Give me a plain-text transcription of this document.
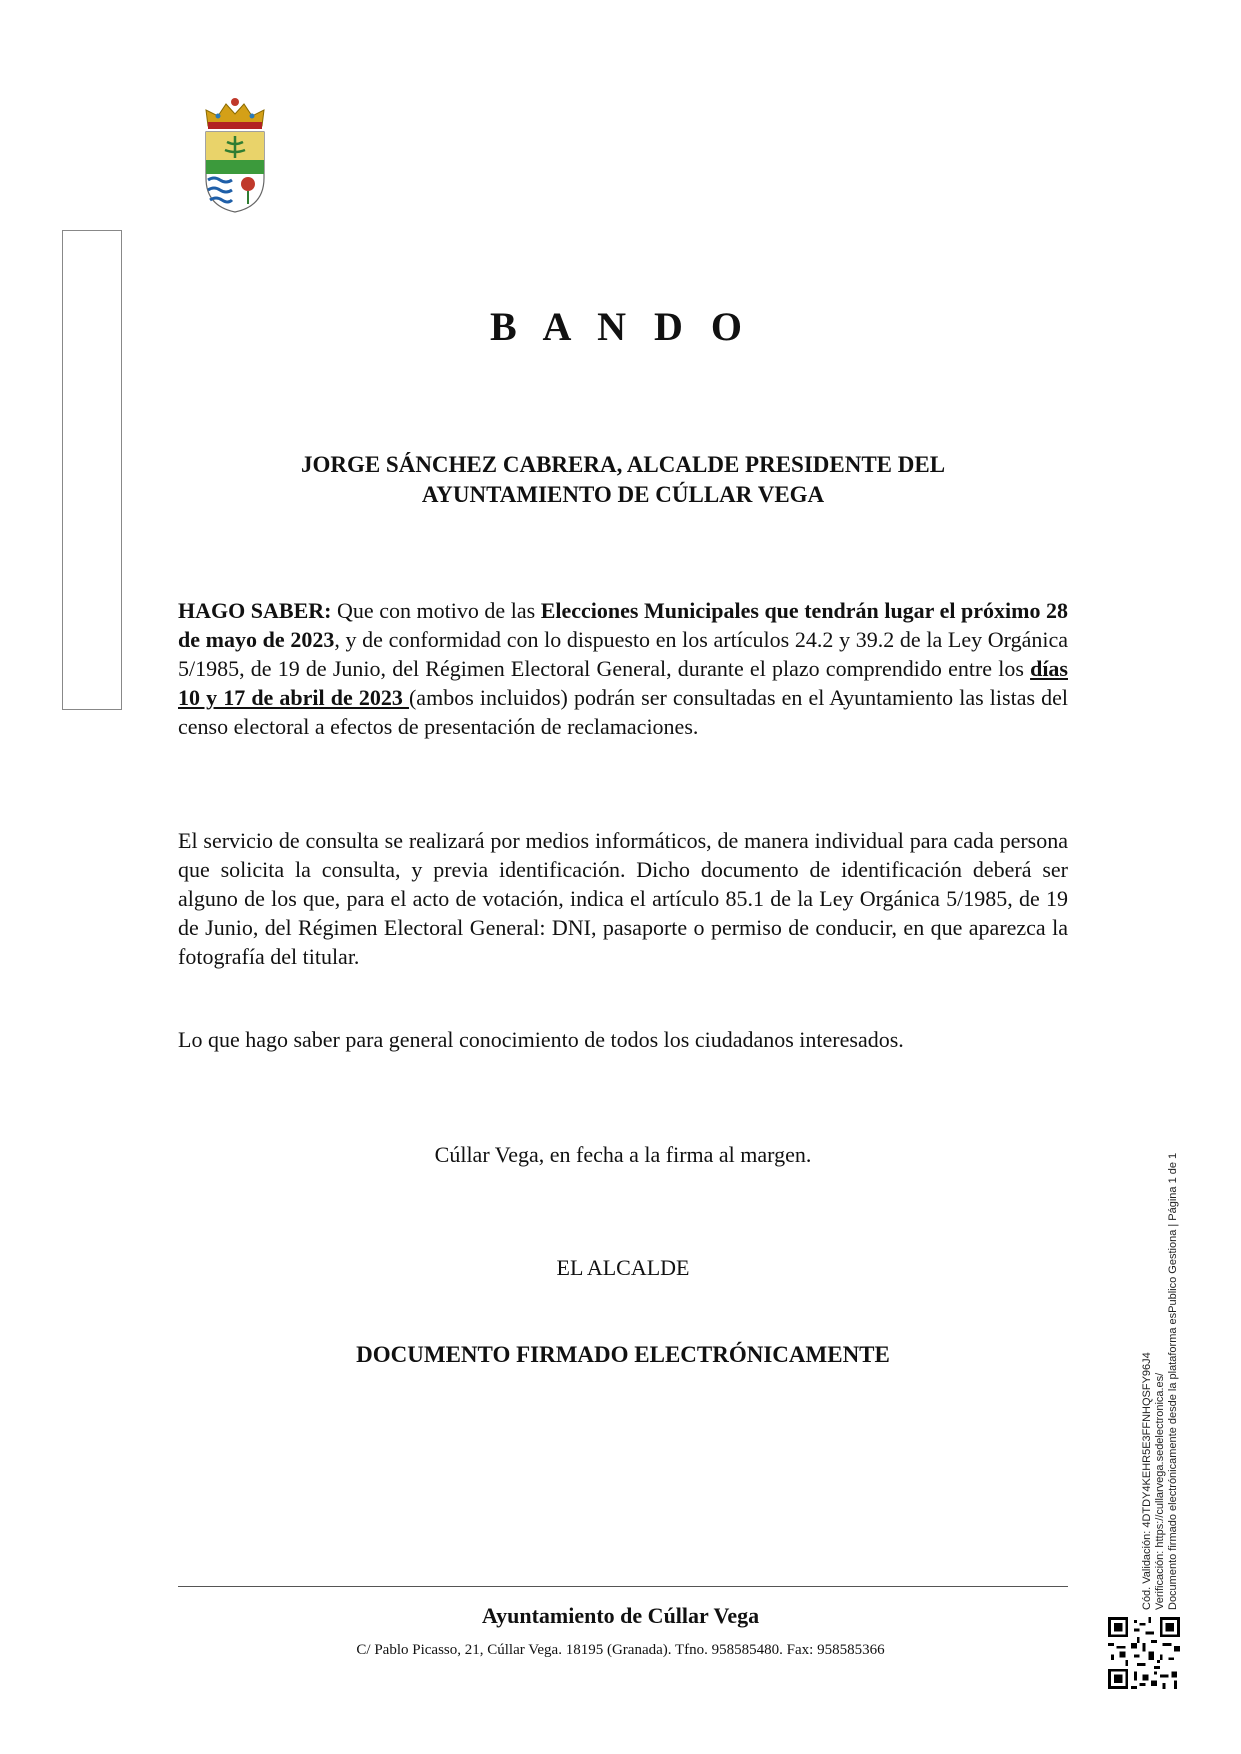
B A N D O
JORGE SÁNCHEZ CABRERA, ALCALDE PRESIDENTE DEL
AYUNTAMIENTO DE CÚLLAR VEGA

HAGO SABER: Que con motivo de las Elecciones Municipales que tendrán lugar el próximo 28 de mayo de 2023, y de conformidad con lo dispuesto en los artículos 24.2 y 39.2 de la Ley Orgánica 5/1985, de 19 de Junio, del Régimen Electoral General, durante el plazo comprendido entre los días 10 y 17 de abril de 2023 (ambos incluidos) podrán ser consultadas en el Ayuntamiento las listas del censo electoral a efectos de presentación de reclamaciones.

El servicio de consulta se realizará por medios informáticos, de manera individual para cada persona que solicita la consulta, y previa identificación. Dicho documento de identificación deberá ser alguno de los que, para el acto de votación, indica el artículo 85.1 de la Ley Orgánica 5/1985, de 19 de Junio, del Régimen Electoral General: DNI, pasaporte o permiso de conducir, en que aparezca la fotografía del titular.

Lo que hago saber para general conocimiento de todos los ciudadanos interesados.

Cúllar Vega, en fecha a la firma al margen.
EL ALCALDE
DOCUMENTO FIRMADO ELECTRÓNICAMENTE
Ayuntamiento de Cúllar Vega
C/ Pablo Picasso, 21, Cúllar Vega. 18195 (Granada). Tfno. 958585480. Fax: 958585366
Cód. Validación: 4DTDY4KEHR5E3FFNHQSFY96J4 Verificación: https://cullarvega.sedelectronica.es/ Documento firmado electrónicamente desde la plataforma esPublico Gestiona | Página 1 de 1
